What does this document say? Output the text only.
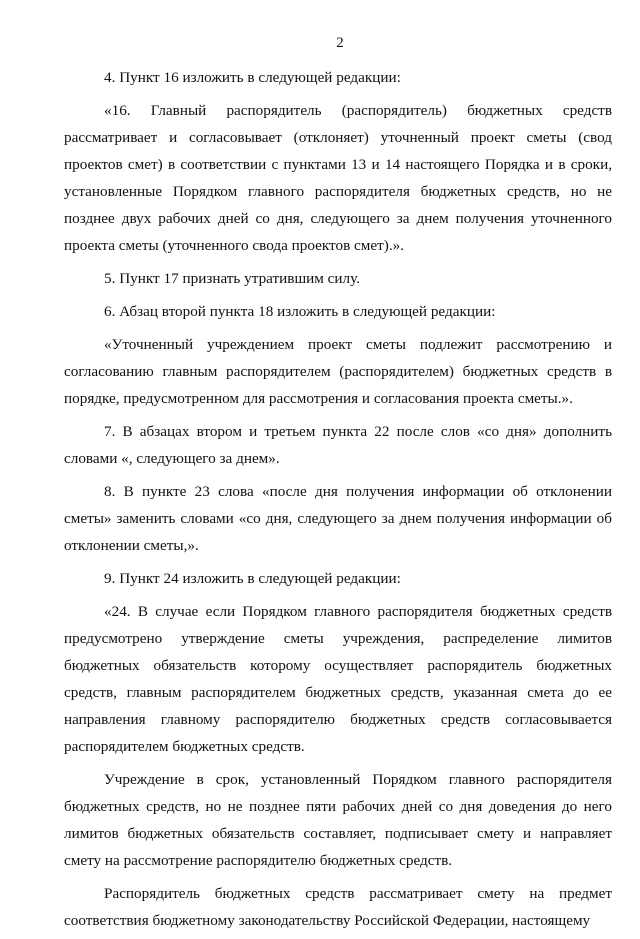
2

4. Пункт 16 изложить в следующей редакции:

«16. Главный распорядитель (распорядитель) бюджетных средств рассматривает и согласовывает (отклоняет) уточненный проект сметы (свод проектов смет) в соответствии с пунктами 13 и 14 настоящего Порядка и в сроки, установленные Порядком главного распорядителя бюджетных средств, но не позднее двух рабочих дней со дня, следующего за днем получения уточненного проекта сметы (уточненного свода проектов смет).».

5. Пункт 17 признать утратившим силу.

6. Абзац второй пункта 18 изложить в следующей редакции:

«Уточненный учреждением проект сметы подлежит рассмотрению и согласованию главным распорядителем (распорядителем) бюджетных средств в порядке, предусмотренном для рассмотрения и согласования проекта сметы.».

7. В абзацах втором и третьем пункта 22 после слов «со дня» дополнить словами «, следующего за днем».

8. В пункте 23 слова «после дня получения информации об отклонении сметы» заменить словами «со дня, следующего за днем получения информации об отклонении сметы,».

9. Пункт 24 изложить в следующей редакции:

«24. В случае если Порядком главного распорядителя бюджетных средств предусмотрено утверждение сметы учреждения, распределение лимитов бюджетных обязательств которому осуществляет распорядитель бюджетных средств, главным распорядителем бюджетных средств, указанная смета до ее направления главному распорядителю бюджетных средств согласовывается распорядителем бюджетных средств.

Учреждение в срок, установленный Порядком главного распорядителя бюджетных средств, но не позднее пяти рабочих дней со дня доведения до него лимитов бюджетных обязательств составляет, подписывает смету и направляет смету на рассмотрение распорядителю бюджетных средств.

Распорядитель бюджетных средств рассматривает смету на предмет соответствия бюджетному законодательству Российской Федерации, настоящему
